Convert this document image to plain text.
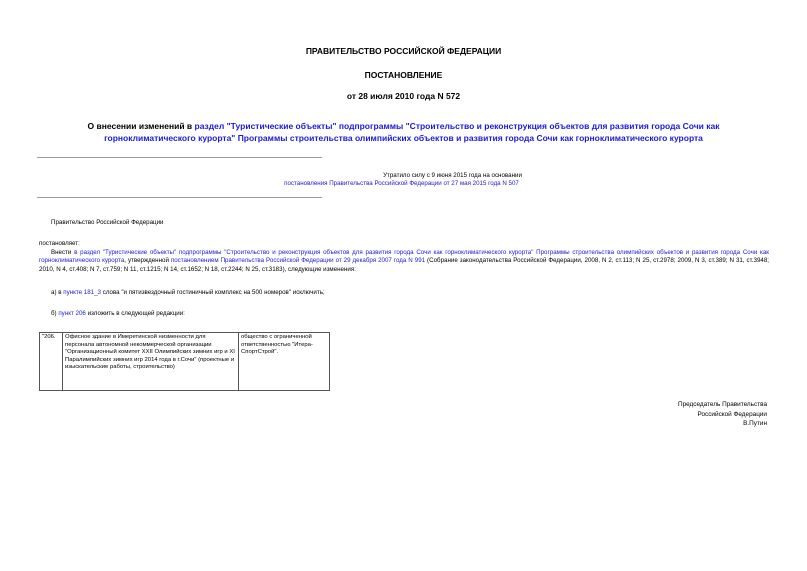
ПРАВИТЕЛЬСТВО РОССИЙСКОЙ ФЕДЕРАЦИИ
ПОСТАНОВЛЕНИЕ
от 28 июля 2010 года N 572
О внесении изменений в раздел "Туристические объекты" подпрограммы "Строительство и реконструкция объектов для развития города Сочи как горноклиматического курорта" Программы строительства олимпийских объектов и развития города Сочи как горноклиматического курорта
Утратило силу с 9 июня 2015 года на основании
постановления Правительства Российской Федерации от 27 мая 2015 года N 507
Правительство Российской Федерации
постановляет:
Внести в раздел "Туристические объекты" подпрограммы "Строительство и реконструкция объектов для развития города Сочи как горноклиматического курорта" Программы строительства олимпийских объектов и развития города Сочи как горноклиматического курорта, утвержденной постановлением Правительства Российской Федерации от 29 декабря 2007 года N 991 (Собрание законодательства Российской Федерации, 2008, N 2, ст.113; N 25, ст.2978; 2009, N 3, ст.389; N 31, ст.3948; 2010, N 4, ст.408; N 7, ст.759; N 11, ст.1215; N 14, ст.1652; N 18, ст.2244; N 25, ст.3183), следующие изменения:
а) в пункте 181_3 слова "и пятизвездочный гостиничный комплекс на 500 номеров" исключить;
б) пункт 206 изложить в следующей редакции:
"206.	Офисное здание в Имеретинской низменности для персонала автономной некоммерческой организации "Организационный комитет XXII Олимпийских зимних игр и XI Паралимпийских зимних игр 2014 года в г.Сочи" (проектные и изыскательские работы, строительство)	общество с ограниченной ответственностью "Итера-СпортСтрой".
Председатель Правительства
Российской Федерации
В.Путин
